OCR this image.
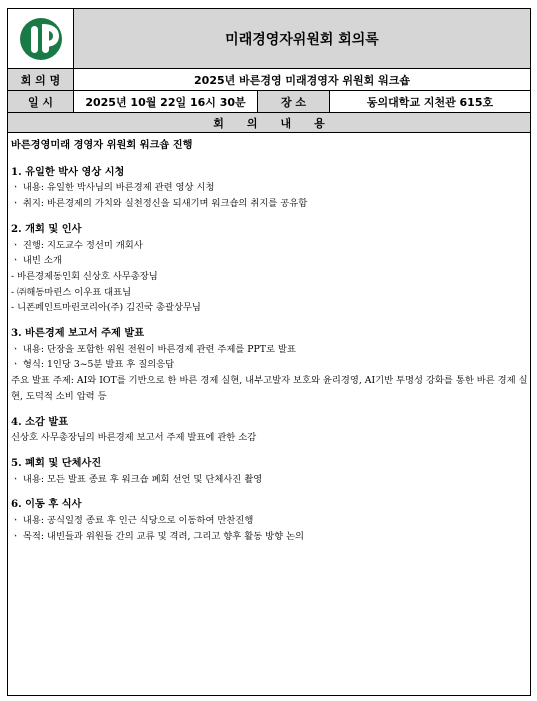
미래경영자위원회 회의록
회 의 명	2025년 바른경영 미래경영자 위원회 워크숍
일 시	2025년 10월 22일 16시 30분	장 소	동의대학교 지천관 615호
회      의      내      용

바른경영미래 경영자 위원회 워크숍 진행

1. 유일한 박사 영상 시청

ㆍ 내용: 유일한 박사님의 바른경제 관련 영상 시청

ㆍ 취지: 바른경제의 가치와 실천정신을 되새기며 워크숍의 취지를 공유함

2. 개회 및 인사

ㆍ 진행: 지도교수 정선미 개회사

ㆍ 내빈 소개

- 바른경제동인회 신상호 사무총장님

- ㈜해동마린스 이우표 대표님

- 니폰페인트마린코리아(주) 김진국 총괄상무님

3. 바른경제 보고서 주제 발표

ㆍ 내용: 단장을 포함한 위원 전원이 바른경제 관련 주제를 PPT로 발표

ㆍ 형식: 1인당 3~5분 발표 후 질의응답

주요 발표 주제: AI와 IOT를 기반으로 한 바른 경제 실현, 내부고발자 보호와 윤리경영, AI기반 투명성 강화를 통한 바른 경제 실현, 도덕적 소비 압력 등

4. 소감 발표

신상호 사무총장님의 바른경제 보고서 주제 발표에 관한 소감

5. 폐회 및 단체사진

ㆍ 내용: 모든 발표 종료 후 워크숍 폐회 선언 및 단체사진 촬영

6. 이동 후 식사

ㆍ 내용: 공식일정 종료 후 인근 식당으로 이동하여 만찬진행

ㆍ 목적: 내빈들과 위원들 간의 교류 및 격려, 그리고 향후 활동 방향 논의
